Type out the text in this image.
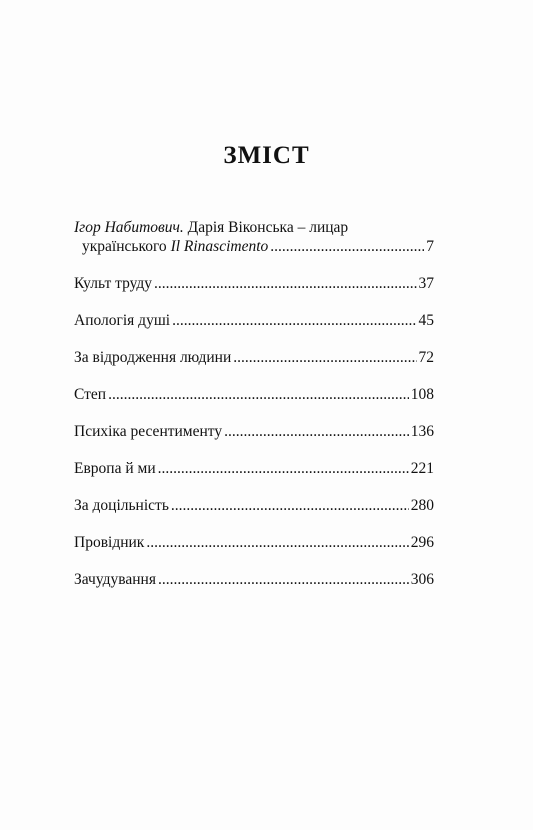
ЗМІСТ
Ігор Набитович. Дарія Віконська – лицар
українського Il Rinascimento .....	7
Культ труду .....	37
Апологія душі .....	45
За відродження людини .....	72
Степ .....	108
Психіка ресентименту .....	136
Европа й ми .....	221
За доцільність .....	280
Провідник .....	296
Зачудування .....	306
